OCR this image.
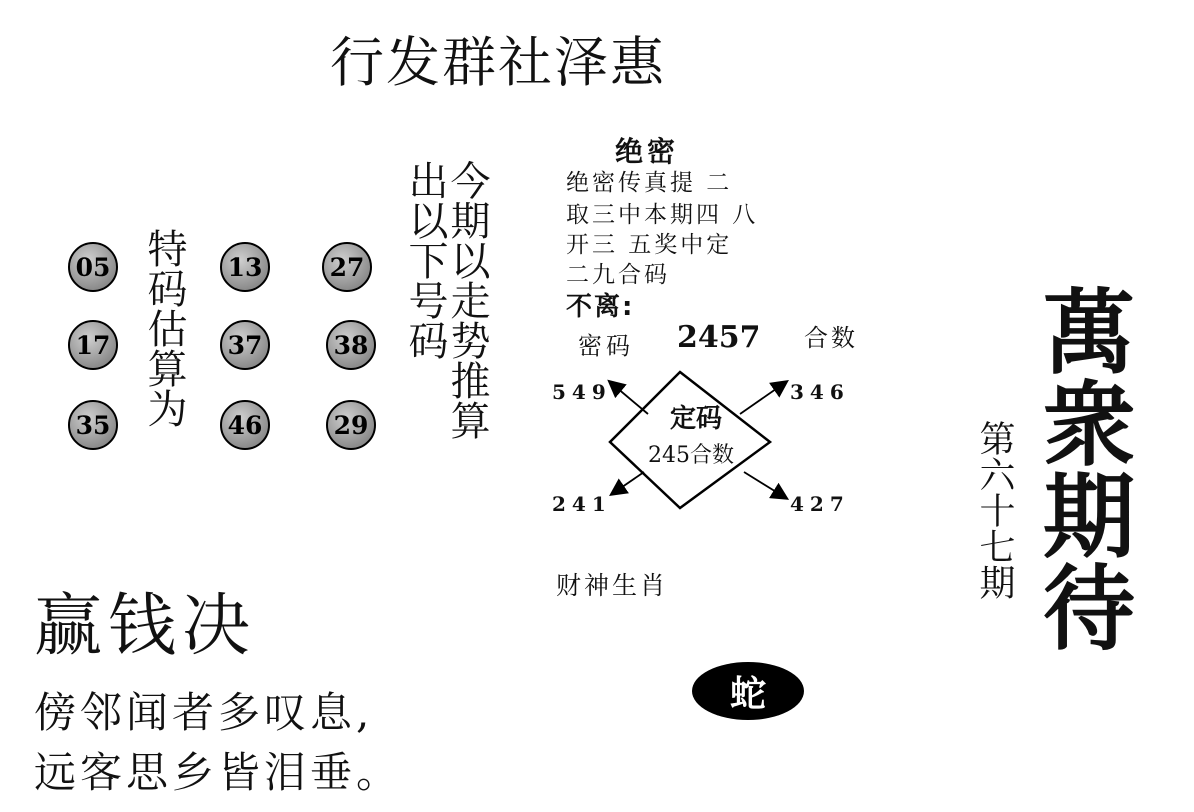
行发群社泽惠
05	13	27
17	37	38
35	46	29
特码估算为	今期以走势推算
出以下号码
绝密
绝密传真提 二
取三中本期四 八
开三 五奖中定
二九合码
不离:
密码 2457 合数
549	346
241	427
定码
245合数
财神生肖
蛇
赢钱决
傍邻闻者多叹息,
远客思乡皆泪垂。
第六十七期 萬衆期待
